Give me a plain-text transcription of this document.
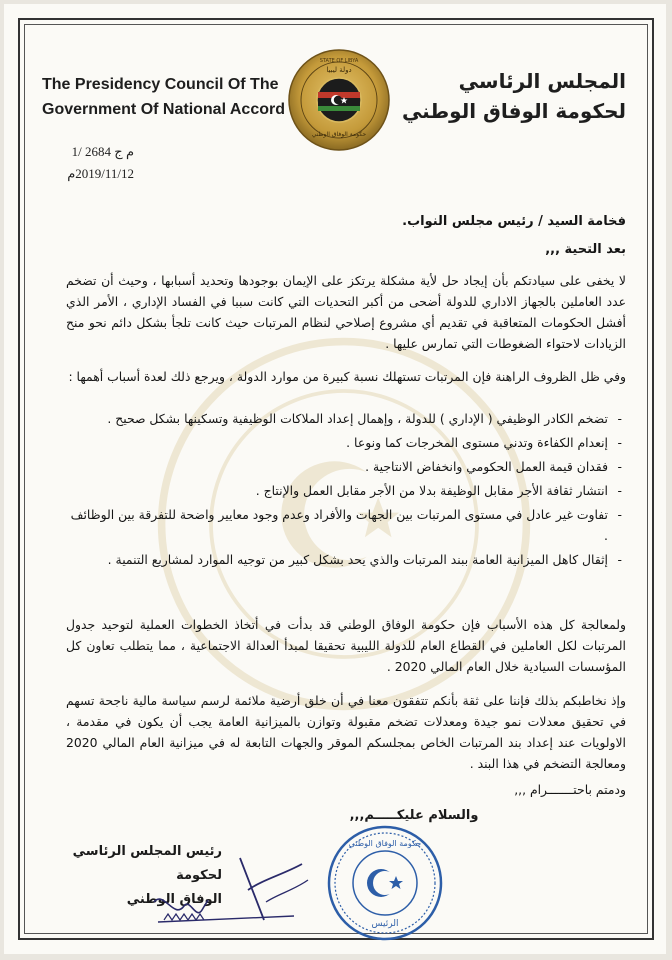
The Presidency Council Of The
Government Of National Accord
STATE OF LIBYA
دولة ليبيا
حكومة الوفاق الوطني
المجلس الرئاسي
لحكومة الوفاق الوطني
م ج 2684 /1
2019/11/12م
فخامة السيد / رئيس مجلس النواب.
بعد التحية ,,,
لا يخفى على سيادتكم بأن إيجاد حل لأية مشكلة يرتكز على الإيمان بوجودها وتحديد أسبابها ، وحيث أن تضخم عدد العاملين بالجهاز الاداري للدولة أضحى من أكبر التحديات التي كانت سببا في الفساد الإداري ، الأمر الذي أفشل الحكومات المتعاقبة في تقديم أي مشروع إصلاحي لنظام المرتبات حيث كانت تلجأ بشكل دائم نحو منح الزيادات لاحتواء الضغوطات التي تمارس عليها .
وفي ظل الظروف الراهنة فإن المرتبات تستهلك نسبة كبيرة من موارد الدولة ، ويرجع ذلك لعدة أسباب أهمها :
- تضخم الكادر الوظيفي ( الإداري ) للدولة ، وإهمال إعداد الملاكات الوظيفية وتسكينها بشكل صحيح .
- إنعدام الكفاءة وتدني مستوى المخرجات كما ونوعا .
- فقدان قيمة العمل الحكومي وانخفاض الانتاجية .
- انتشار ثقافة الأجر مقابل الوظيفة بدلا من الأجر مقابل العمل والإنتاج .
- تفاوت غير عادل في مستوى المرتبات بين الجهات والأفراد وعدم وجود معايير واضحة للتفرقة بين الوظائف .
- إثقال كاهل الميزانية العامة ببند المرتبات والذي يحد بشكل كبير من توجيه الموارد لمشاريع التنمية .
ولمعالجة كل هذه الأسباب فإن حكومة الوفاق الوطني قد بدأت في أتخاذ الخطوات العملية لتوحيد جدول المرتبات لكل العاملين في القطاع العام للدولة الليبية تحقيقا لمبدأ العدالة الاجتماعية ، مما يتطلب تعاون كل المؤسسات السيادية خلال العام المالي 2020 .
وإذ نخاطبكم بذلك فإننا على ثقة بأنكم تتفقون معنا في أن خلق أرضية ملائمة لرسم سياسة مالية ناجحة تسهم في تحقيق معدلات نمو جيدة ومعدلات تضخم مقبولة وتوازن بالميزانية العامة يجب أن يكون في مقدمة ، الاولويات عند إعداد بند المرتبات الخاص بمجلسكم الموقر والجهات التابعة له في ميزانية العام المالي 2020 ومعالجة التضخم في هذا البند .
ودمتم باحتـــــــرام ,,,
والسلام عليكـــــم,,,
رئيس المجلس الرئاسي لحكومة
الوفاق الوطني
حكومة الوفاق الوطني
الرئيس
